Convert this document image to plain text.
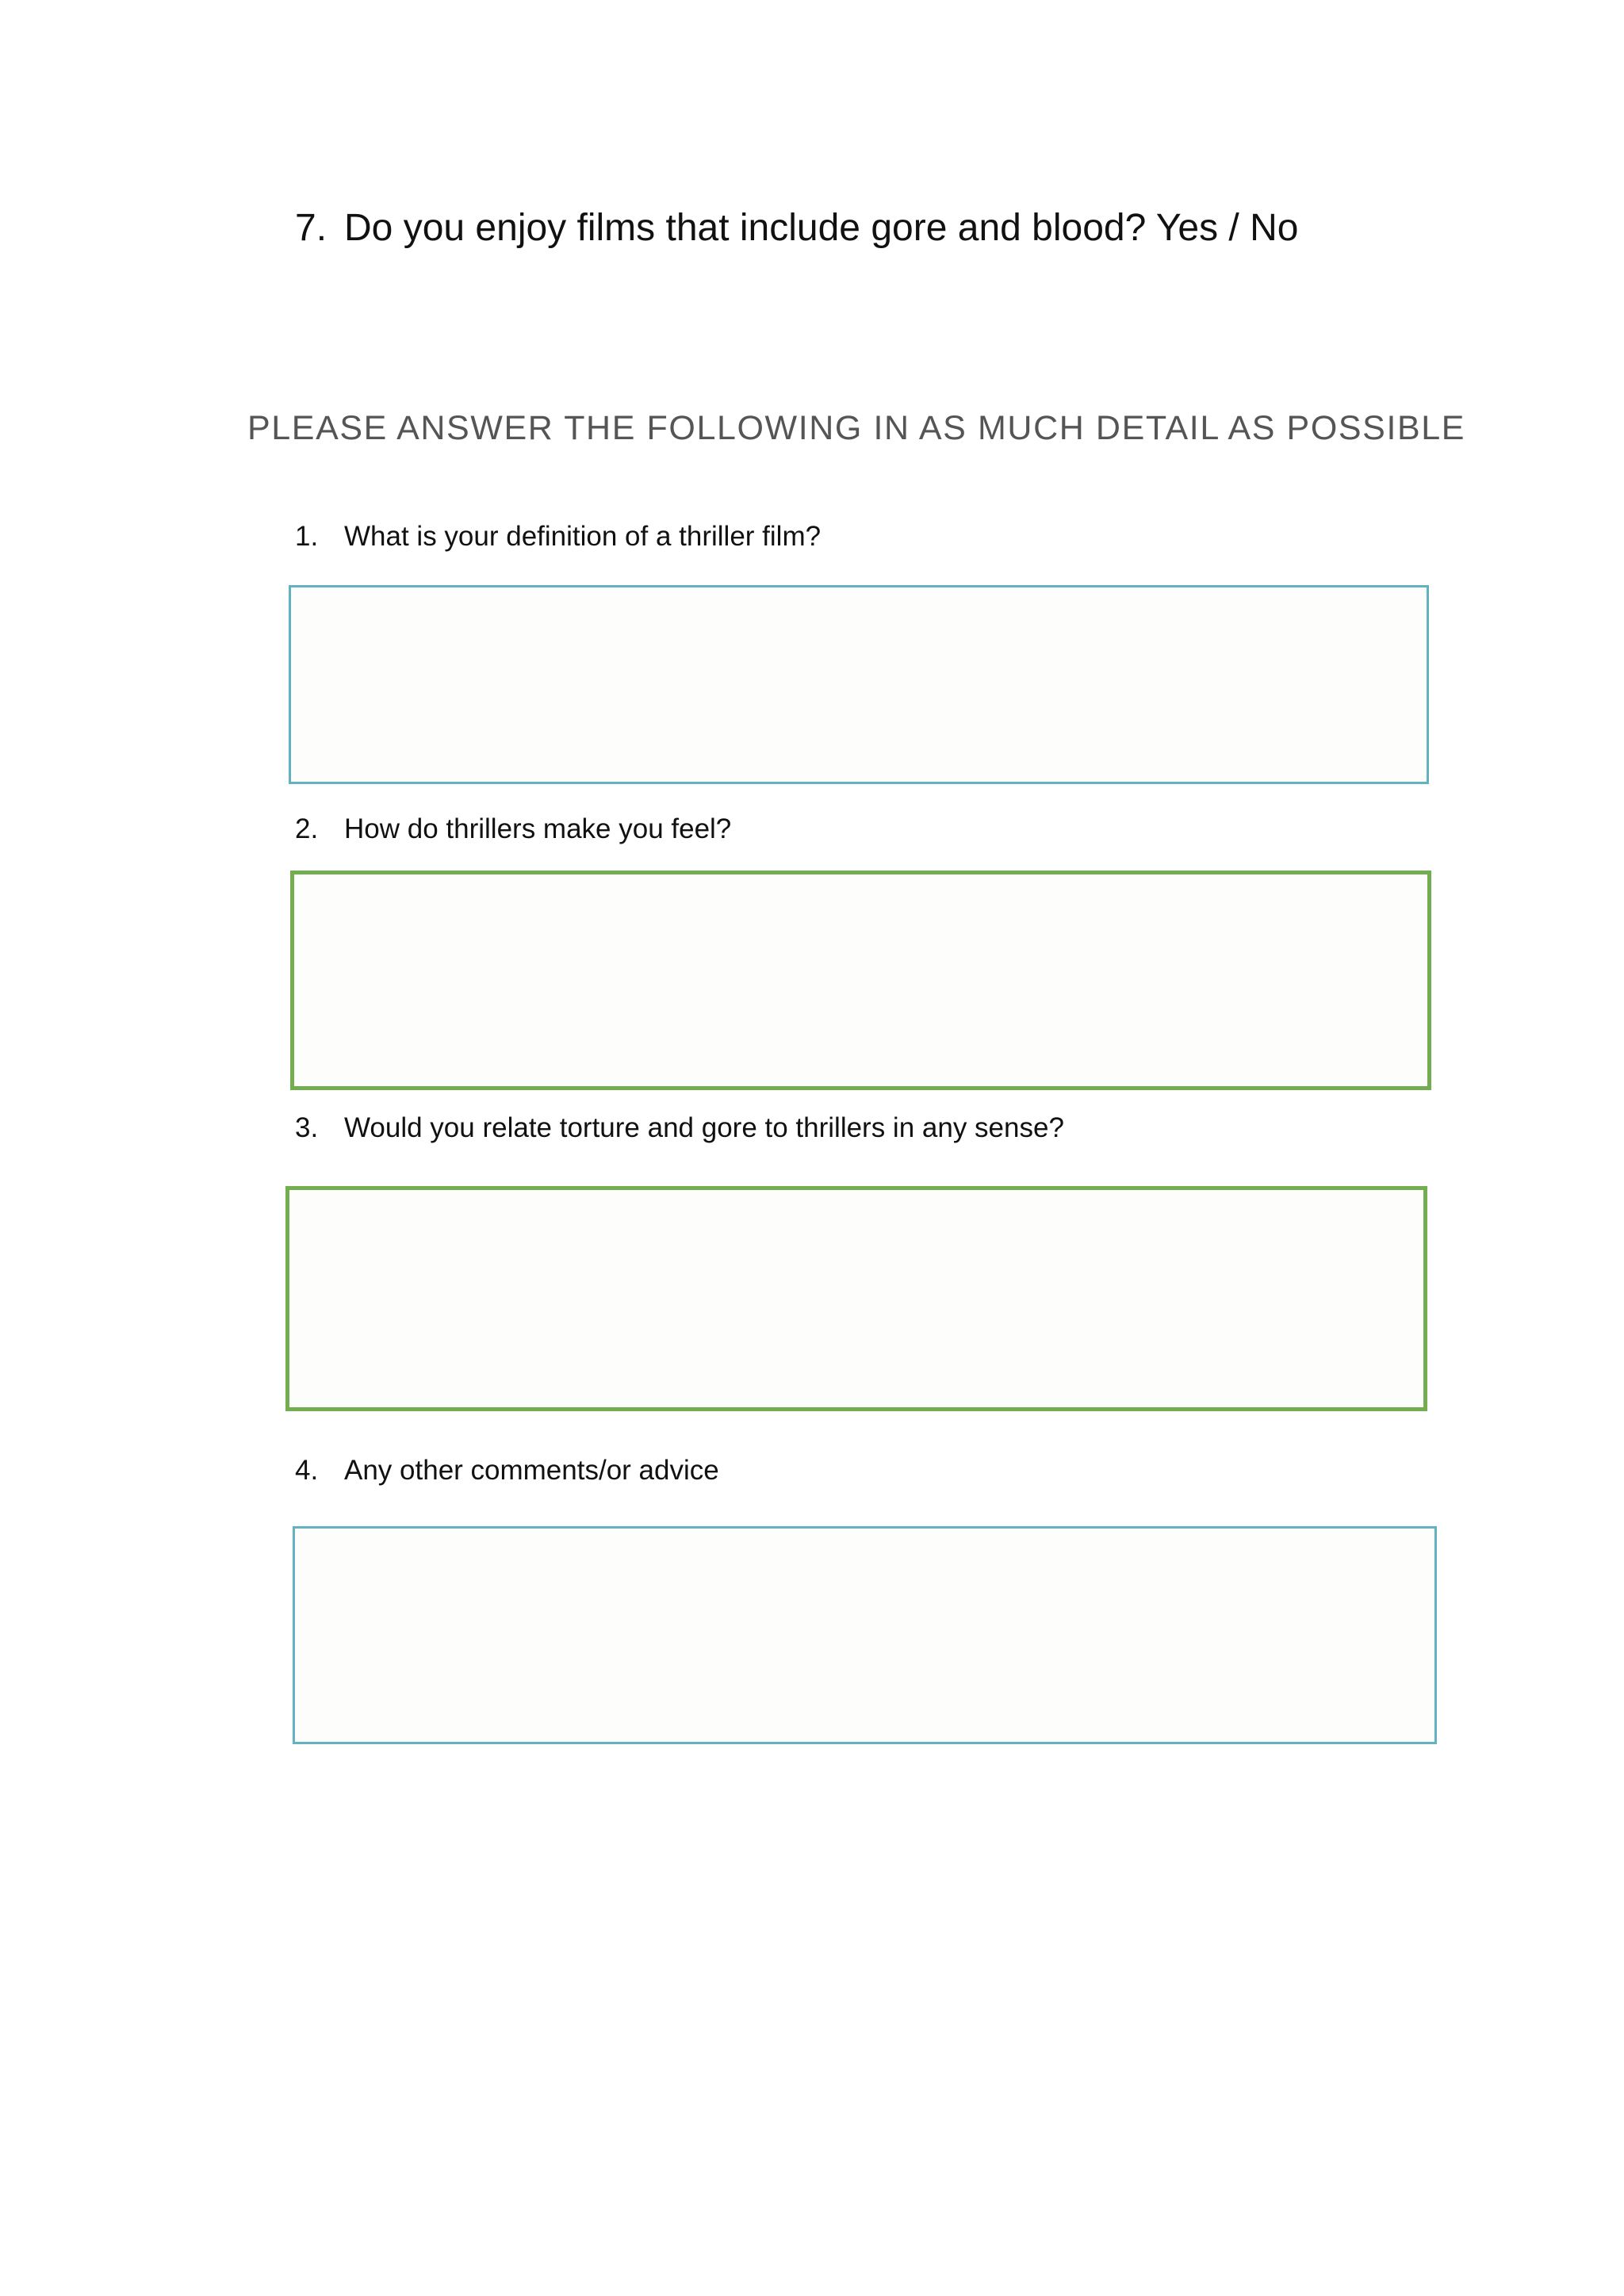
7. Do you enjoy films that include gore and blood? Yes / No
PLEASE ANSWER THE FOLLOWING IN AS MUCH DETAIL AS POSSIBLE
1. What is your definition of a thriller film?
2. How do thrillers make you feel?
3. Would you relate torture and gore to thrillers in any sense?
4. Any other comments/or advice
